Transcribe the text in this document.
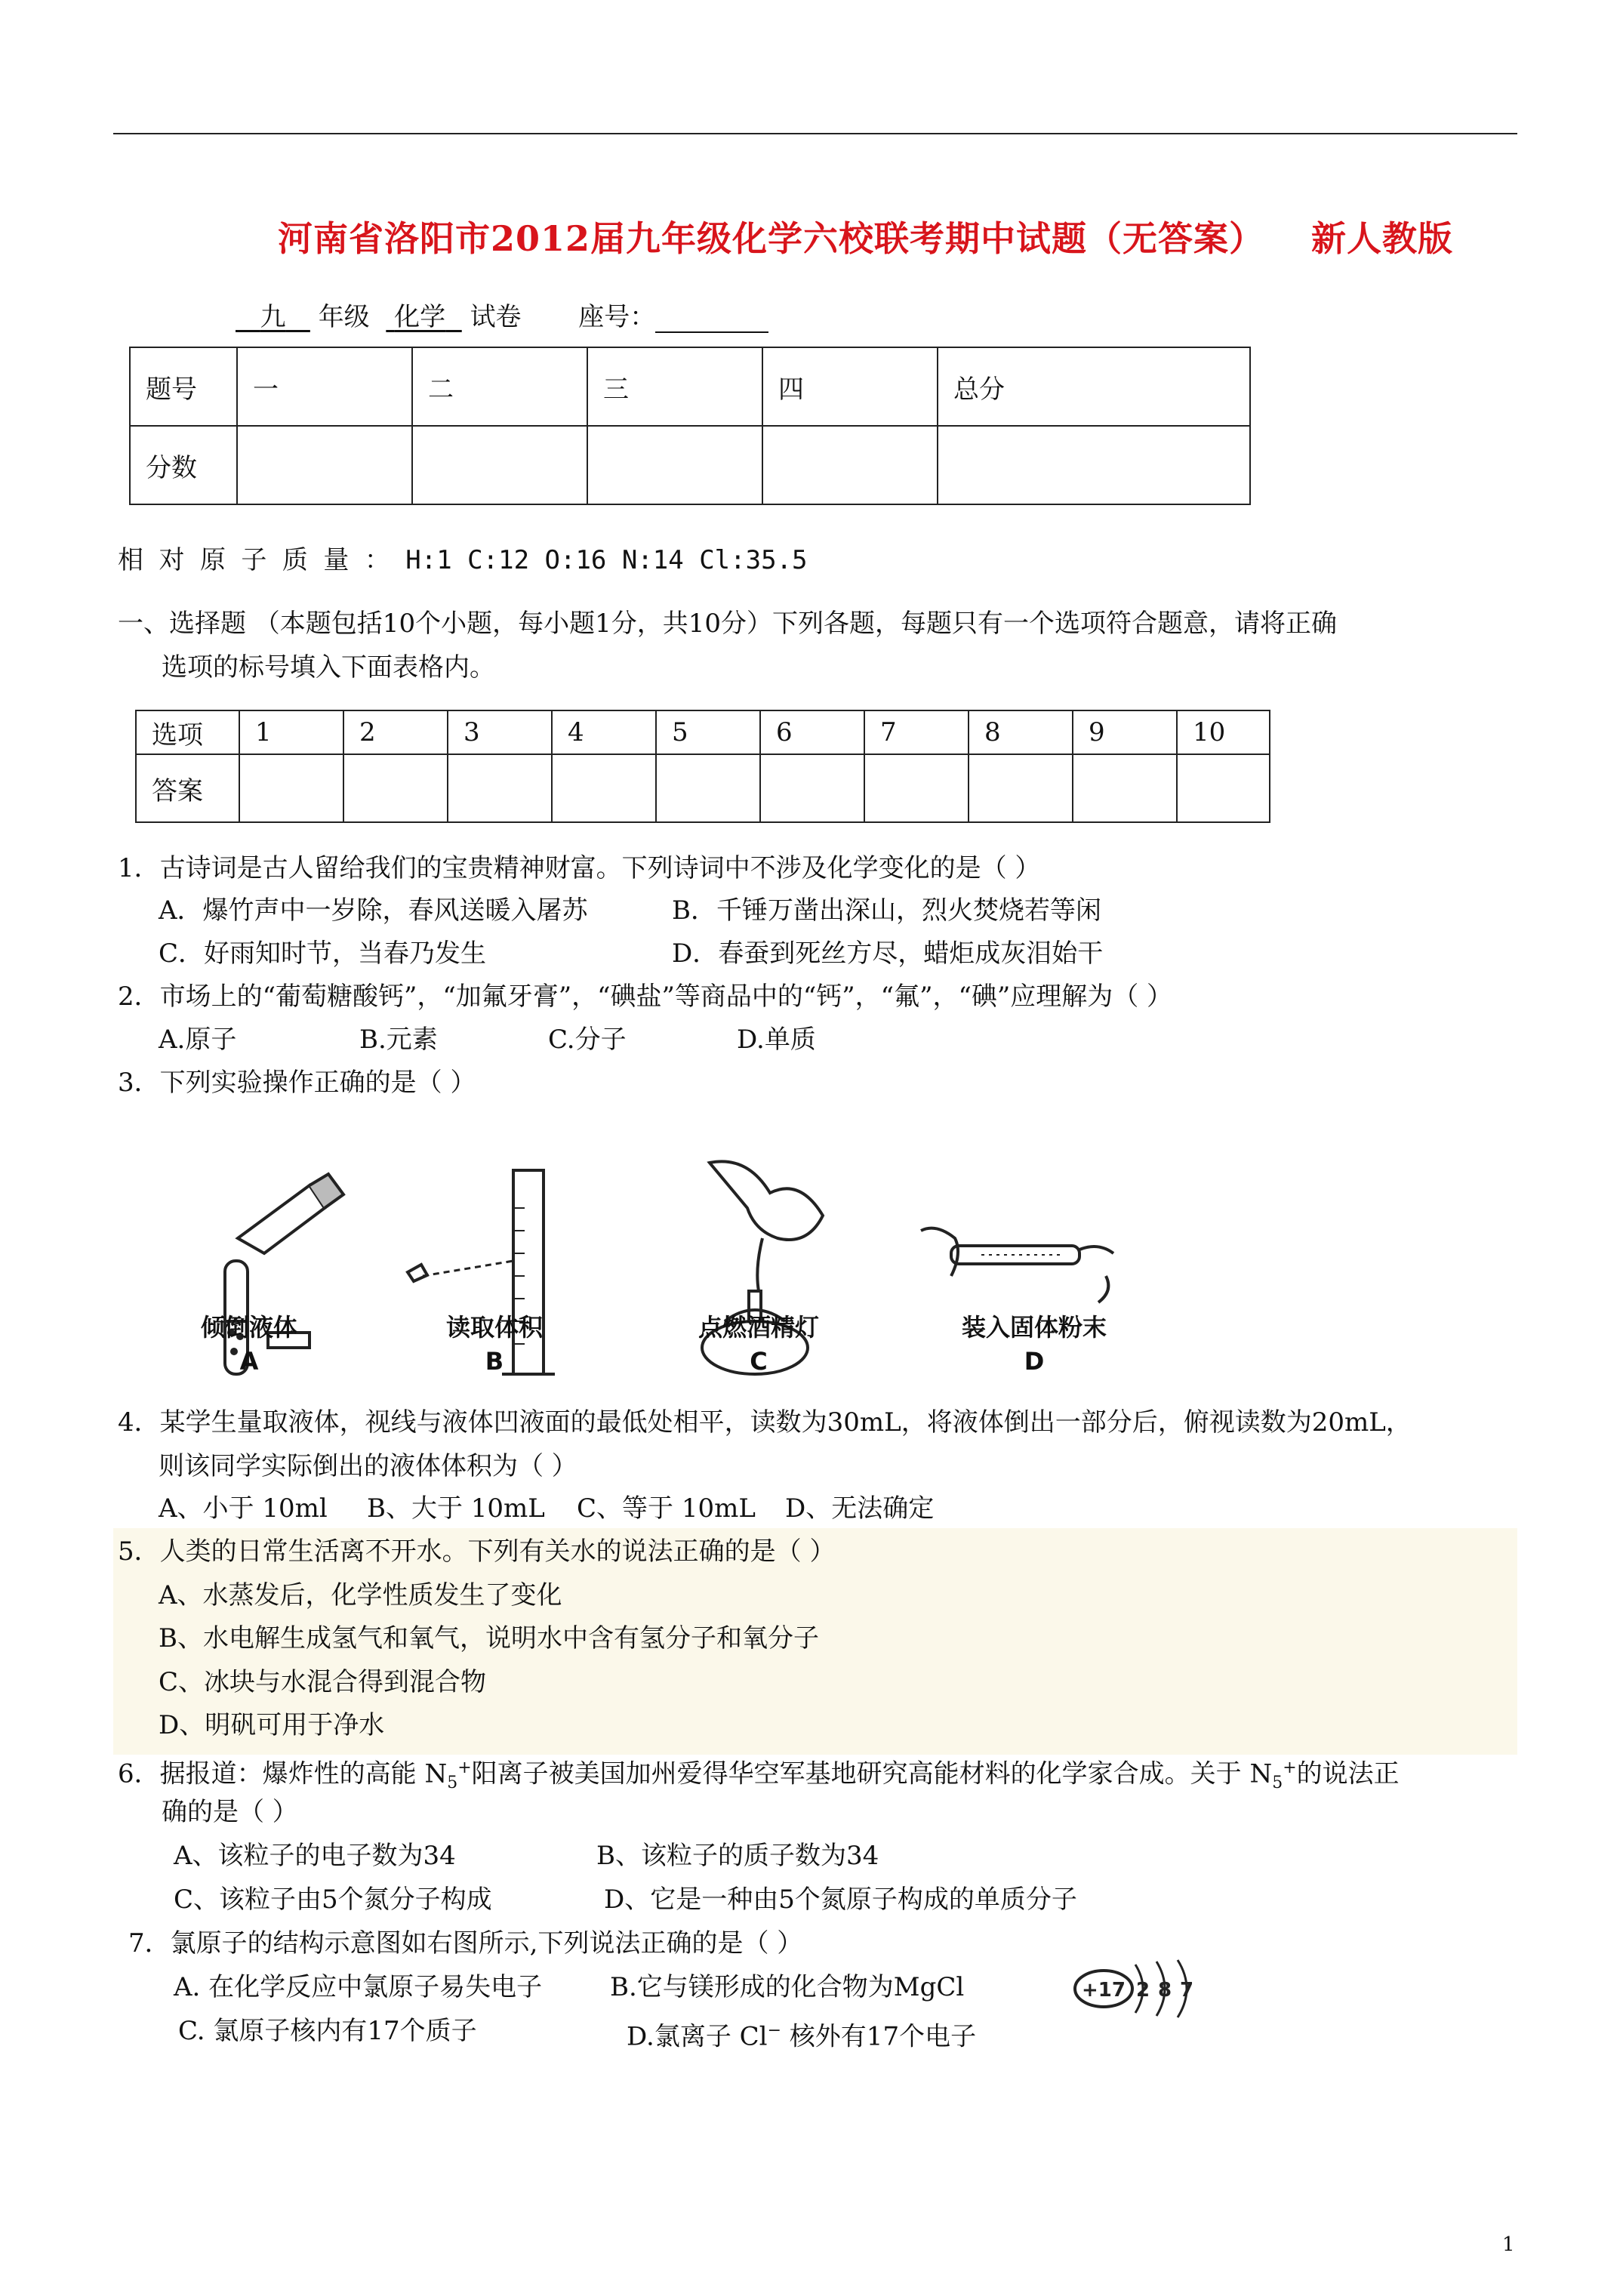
河南省洛阳市2012届九年级化学六校联考期中试题（无答案） 新人教版
九 年级 化学 试卷 座号：
题号	一	二	三	四	总分
分数					
相 对 原 子 质 量 ： H:1 C:12 O:16 N:14 Cl:35.5
一、选择题 （本题包括10个小题，每小题1分，共10分）下列各题，每题只有一个选项符合题意，请将正确
选项的标号填入下面表格内。
选项	1	2	3	4	5	6	7	8	9	10
答案										
1．古诗词是古人留给我们的宝贵精神财富。下列诗词中不涉及化学变化的是（ ）
A．爆竹声中一岁除，春风送暖入屠苏	B．千锤万凿出深山，烈火焚烧若等闲
C．好雨知时节，当春乃发生	D．春蚕到死丝方尽，蜡炬成灰泪始干
2．市场上的“葡萄糖酸钙”，“加氟牙膏”，“碘盐”等商品中的“钙”，“氟”，“碘”应理解为（ ）
A.原子	B.元素	C.分子	D.单质
3．下列实验操作正确的是（ ）
倾倒液体	读取体积	点燃酒精灯	装入固体粉末
A	B	C	D
4．某学生量取液体，视线与液体凹液面的最低处相平，读数为30mL，将液体倒出一部分后，俯视读数为20mL，
则该同学实际倒出的液体体积为（ ）
A、小于 10ml B、大于 10mL C、等于 10mL D、无法确定
5．人类的日常生活离不开水。下列有关水的说法正确的是（ ）
A、水蒸发后，化学性质发生了变化
B、水电解生成氢气和氧气，说明水中含有氢分子和氧分子
C、冰块与水混合得到混合物
D、明矾可用于净水
6．据报道：爆炸性的高能 $N_5^+$阳离子被美国加州爱得华空军基地研究高能材料的化学家合成。关于 $N_5^+$的说法正
确的是（ ）
A、该粒子的电子数为34	B、该粒子的质子数为34
C、该粒子由5个氮分子构成	D、它是一种由5个氮原子构成的单质分子
7．氯原子的结构示意图如右图所示,下列说法正确的是（ ）
A. 在化学反应中氯原子易失电子	B.它与镁形成的化合物为MgCl
C. 氯原子核内有17个质子	D.氯离子 Cl− 核外有17个电子
+17 2 8 7
1
